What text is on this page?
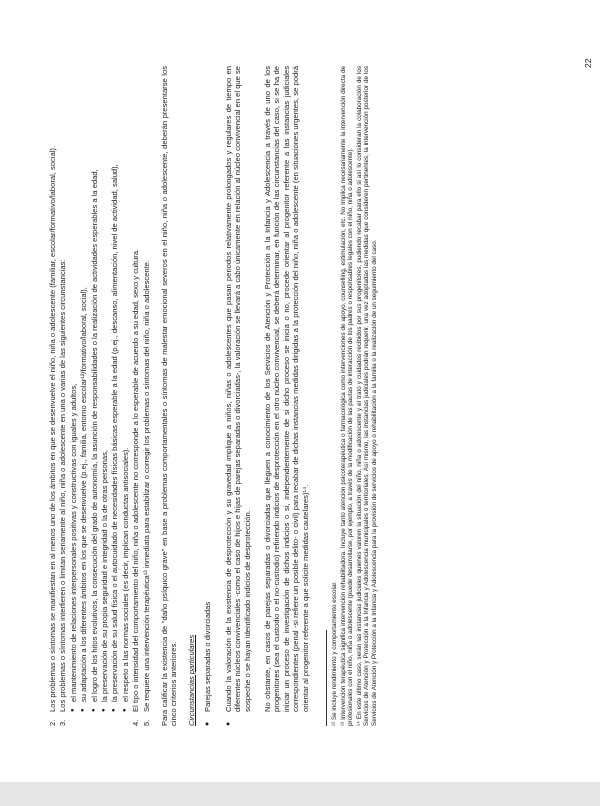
2.
Los problemas o síntomas se manifiestan en al menos uno de los ámbitos en que se desenvuelve el niño, niña o adolescente (familiar, escolar/formativo/laboral, social).
3.
Los problemas o síntomas interfieren o limitan seriamente al niño, niña o adolescente en una o varias de las siguientes circunstancias: ●
el mantenimiento de relaciones interpersonales positivas y constructivas con iguales y adultos,
●
su adaptación a los diferentes ámbitos en los que se desenvuelve (p.ej., familia, entorno escolar¹²/formativo/laboral, social),
●
el logro de los hitos evolutivos, la consecución del grado de autonomía, la asunción de responsabilidades o la realización de actividades esperables a la edad,
●
la preservación de su propia seguridad e integridad o la de otras personas,
●
la preservación de su salud física o el autocuidado de necesidades físicas básicas esperable a la edad (p.ej., descanso, alimentación, nivel de actividad, salud),
●
el respeto a las normas sociales (es decir, implican conductas antisociales).
4.
El tipo o intensidad del comportamiento del niño, niña o adolescente no corresponde a lo esperable de acuerdo a su edad, sexo y cultura.
5.
Se requiere una intervención terapéutica¹³ inmediata para estabilizar o corregir los problemas o síntomas del niño, niña o adolescente. Para calificar la existencia de "daño psíquico grave" en base a problemas comportamentales o síntomas de malestar emocional severos en el niño, niña o adolescente, deberán presentarse los cinco criterios anteriores. Circunstancias particulares ●
Parejas separadas o divorciadas
●
Cuando la valoración de la existencia de desprotección y su gravedad implique a niños, niñas o adolescentes que pasan periodos relativamente prolongados y regulares de tiempo en diferentes núcleos convivenciales -como el caso de hijos e hijas de parejas separadas o divorciadas-, la valoración se llevará a cabo únicamente en relación al núcleo convivencial en el que se sospeche o se hayan identificado indicios de desprotección. No obstante, en casos de parejas separadas o divorciadas que lleguen a conocimiento de los Servicios de Atención y Protección a la Infancia y Adolescencia a través de uno de los progenitores (sea el custodio o el no-custodio) refiriendo indicios de desprotección en el otro núcleo convivencial, se deberá determinar, en función de las circunstancias del caso, si se ha de iniciar un proceso de investigación de dichos indicios o si, independientemente de si dicho proceso se inicia o no, procede orientar al progenitor referente a las instancias judiciales correspondientes (penal -si refiere un posible delito- o civil) para recabar de dichas instancias medidas dirigidas a la protección del niño, niña o adolescente (en situaciones urgentes, se podrá orientar al progenitor referente a que solicite medidas cautelares)¹⁴.	¹² Se incluye rendimiento y comportamiento escolar. ¹³ Intervención terapéutica significa intervención rehabilitadora. Incluye tanto atención psicoterapéutica o farmacológica como intervenciones de apoyo, counselling, estimulación, etc. No implica necesariamente la intervención directa de profesionales con el niño, niña o adolescente (puede desarrollarse, por ejemplo, a través de la modificación de las pautas de interacción de los padres o responsables legales con el niño, niña o adolescente). ¹⁴ En este último caso, serán las instancias judiciales quienes valoren la situación del niño, niña o adolescente y el trato y cuidados recibidos por sus progenitores, pudiendo recabar para ello si así lo consideran la colaboración de los Servicios de Atención y Protección a la Infancia y Adolescencia municipales o territoriales. Así mismo, las instancias judiciales podrán requerir, una vez adoptadas las medidas que consideren pertinentes, la intervención posterior de los Servicios de Atención y Protección a la Infancia y Adolescencia para la provisión de servicios de apoyo o rehabilitación a la familia o la realización de un seguimiento del caso.

22
